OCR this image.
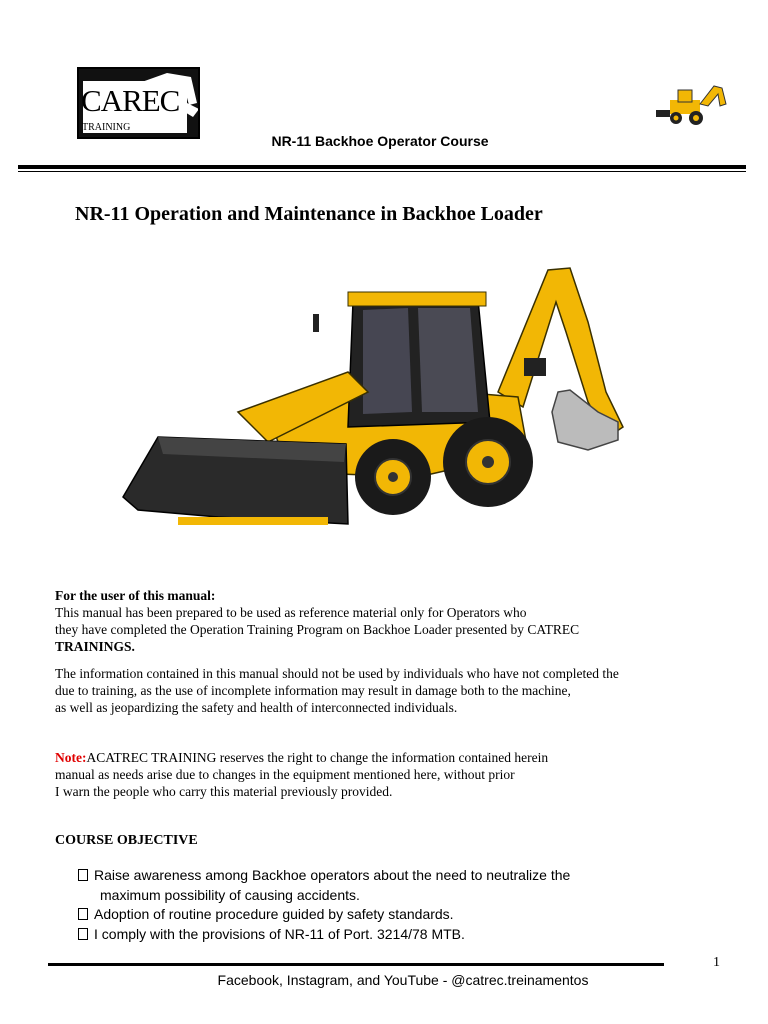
CAREC
TRAINING
NR-11 Backhoe Operator Course
NR-11 Operation and Maintenance in Backhoe Loader
For the user of this manual:
This manual has been prepared to be used as reference material only for Operators who
they have completed the Operation Training Program on Backhoe Loader presented by CATREC
TRAININGS.
The information contained in this manual should not be used by individuals who have not completed the
due to training, as the use of incomplete information may result in damage both to the machine,
as well as jeopardizing the safety and health of interconnected individuals.
Note:ACATREC TRAINING reserves the right to change the information contained herein
manual as needs arise due to changes in the equipment mentioned here, without prior
I warn the people who carry this material previously provided.
COURSE OBJECTIVE
Raise awareness among Backhoe operators about the need to neutralize the
maximum possibility of causing accidents.
Adoption of routine procedure guided by safety standards.
I comply with the provisions of NR-11 of Port. 3214/78 MTB.
1
Facebook, Instagram, and YouTube - @catrec.treinamentos
